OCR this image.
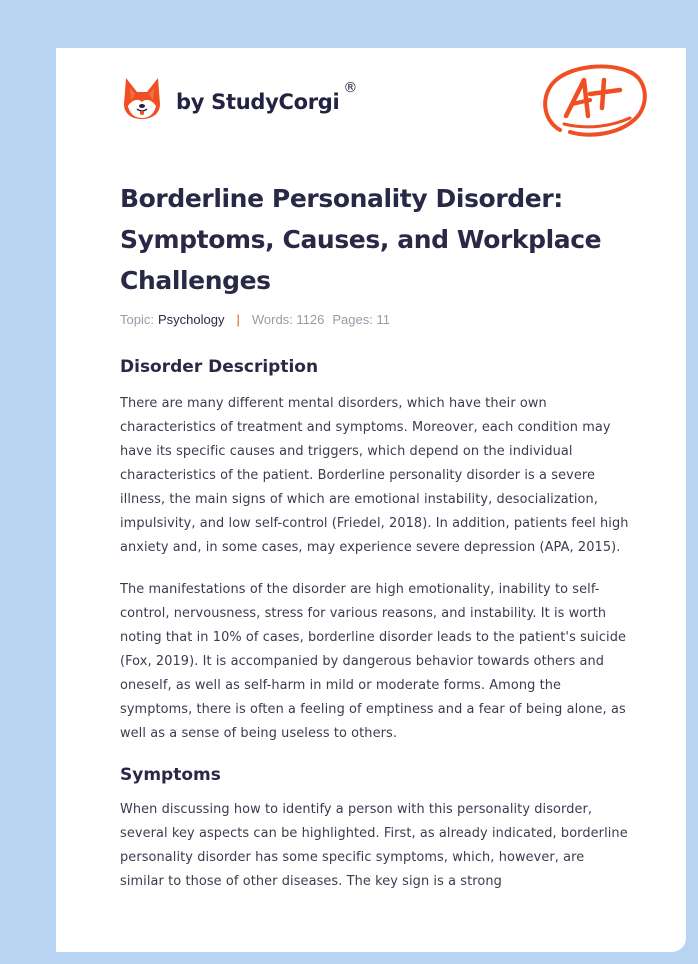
by StudyCorgi
®
Borderline Personality Disorder: Symptoms, Causes, and Workplace Challenges
Topic: Psychology | Words: 1126 Pages: 11
Disorder Description

There are many different mental disorders, which have their own characteristics of treatment and symptoms. Moreover, each condition may have its specific causes and triggers, which depend on the individual characteristics of the patient. Borderline personality disorder is a severe illness, the main signs of which are emotional instability, desocialization, impulsivity, and low self-control (Friedel, 2018). In addition, patients feel high anxiety and, in some cases, may experience severe depression (APA, 2015).

The manifestations of the disorder are high emotionality, inability to self-control, nervousness, stress for various reasons, and instability. It is worth noting that in 10% of cases, borderline disorder leads to the patient's suicide (Fox, 2019). It is accompanied by dangerous behavior towards others and oneself, as well as self-harm in mild or moderate forms. Among the symptoms, there is often a feeling of emptiness and a fear of being alone, as well as a sense of being useless to others.

Symptoms

When discussing how to identify a person with this personality disorder, several key aspects can be highlighted. First, as already indicated, borderline personality disorder has some specific symptoms, which, however, are similar to those of other diseases. The key sign is a strong
